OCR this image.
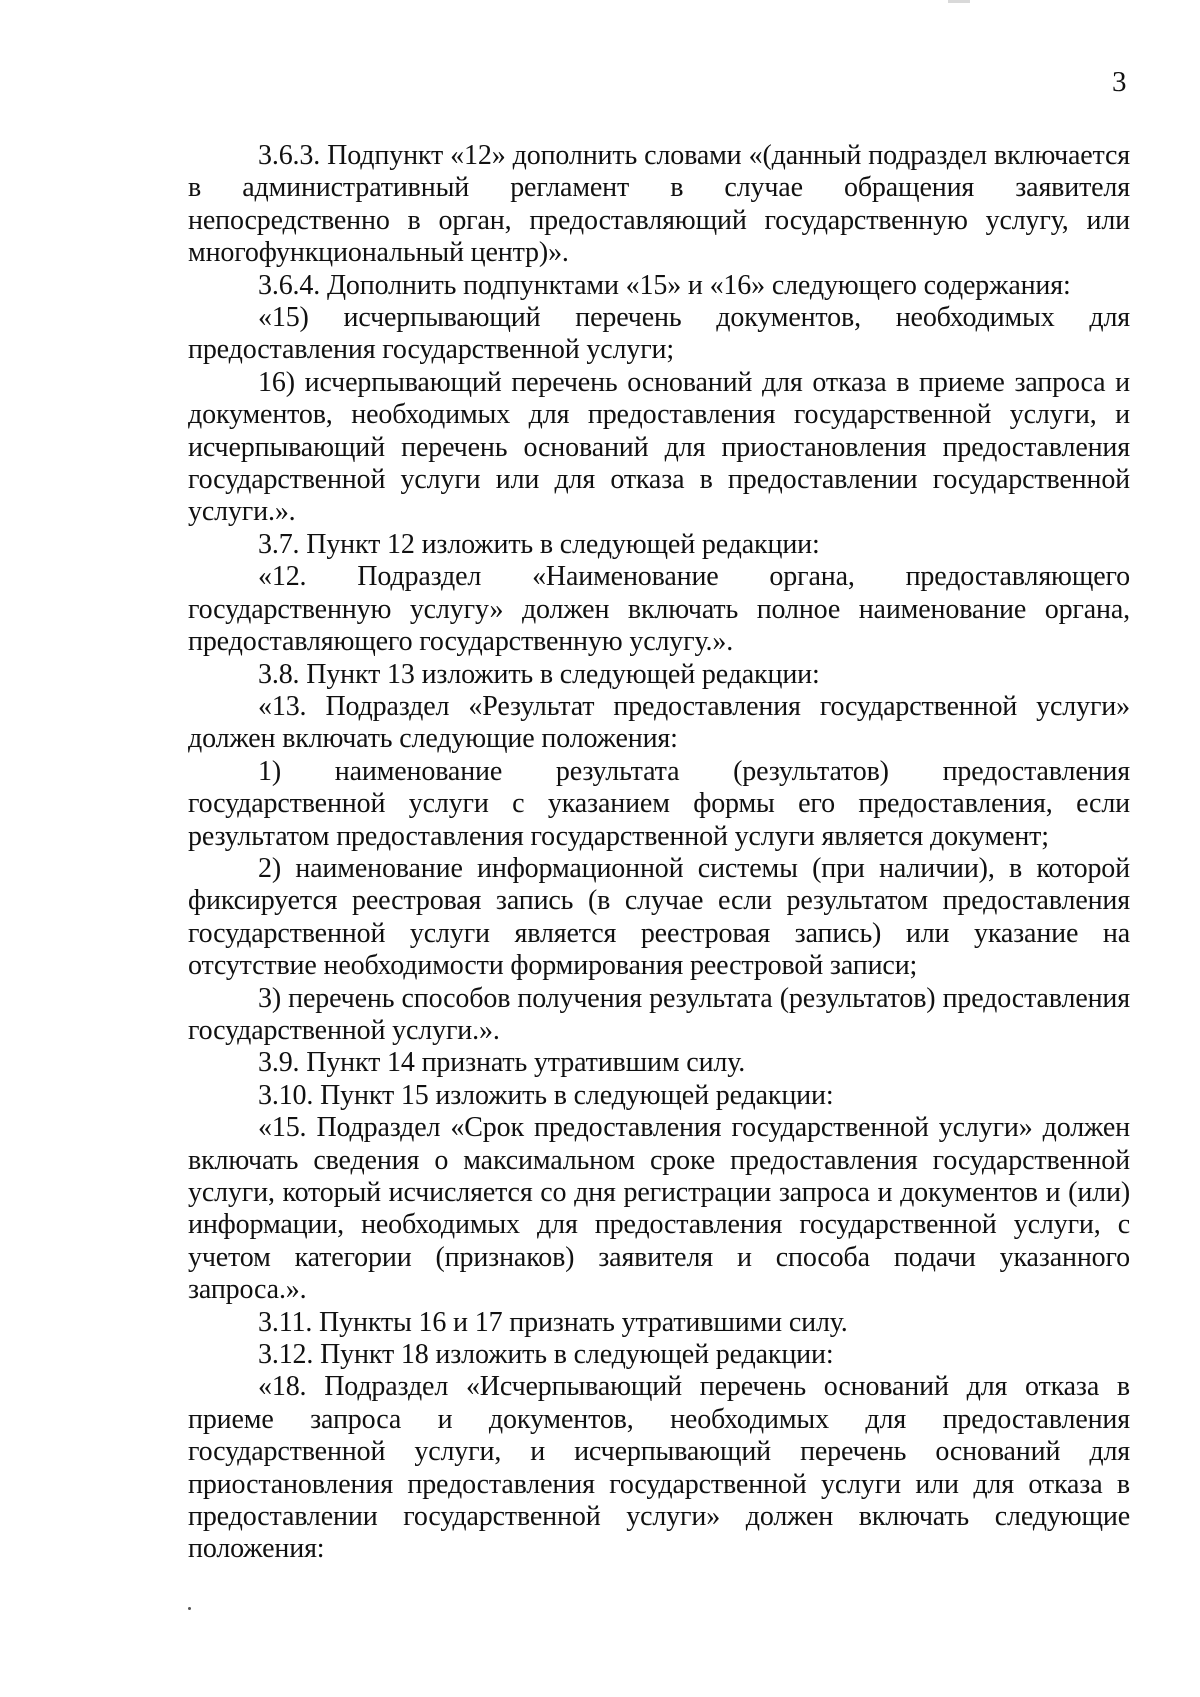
3

3.6.3. Подпункт «12» дополнить словами «(данный подраздел включается в административный регламент в случае обращения заявителя непосредственно в орган, предоставляющий государственную услугу, или многофункциональный центр)».

3.6.4. Дополнить подпунктами «15» и «16» следующего содержания:

«15) исчерпывающий перечень документов, необходимых для предоставления государственной услуги;

16) исчерпывающий перечень оснований для отказа в приеме запроса и документов, необходимых для предоставления государственной услуги, и исчерпывающий перечень оснований для приостановления предоставления государственной услуги или для отказа в предоставлении государственной услуги.».

3.7. Пункт 12 изложить в следующей редакции:

«12. Подраздел «Наименование органа, предоставляющего государственную услугу» должен включать полное наименование органа, предоставляющего государственную услугу.».

3.8. Пункт 13 изложить в следующей редакции:

«13. Подраздел «Результат предоставления государственной услуги» должен включать следующие положения:

1) наименование результата (результатов) предоставления государственной услуги с указанием формы его предоставления, если результатом предоставления государственной услуги является документ;

2) наименование информационной системы (при наличии), в которой фиксируется реестровая запись (в случае если результатом предоставления государственной услуги является реестровая запись) или указание на отсутствие необходимости формирования реестровой записи;

3) перечень способов получения результата (результатов) предоставления государственной услуги.».

3.9. Пункт 14 признать утратившим силу.

3.10. Пункт 15 изложить в следующей редакции:

«15. Подраздел «Срок предоставления государственной услуги» должен включать сведения о максимальном сроке предоставления государственной услуги, который исчисляется со дня регистрации запроса и документов и (или) информации, необходимых для предоставления государственной услуги, с учетом категории (признаков) заявителя и способа подачи указанного запроса.».

3.11. Пункты 16 и 17 признать утратившими силу.

3.12. Пункт 18 изложить в следующей редакции:

«18. Подраздел «Исчерпывающий перечень оснований для отказа в приеме запроса и документов, необходимых для предоставления государственной услуги, и исчерпывающий перечень оснований для приостановления предоставления государственной услуги или для отказа в предоставлении государственной услуги» должен включать следующие положения:
